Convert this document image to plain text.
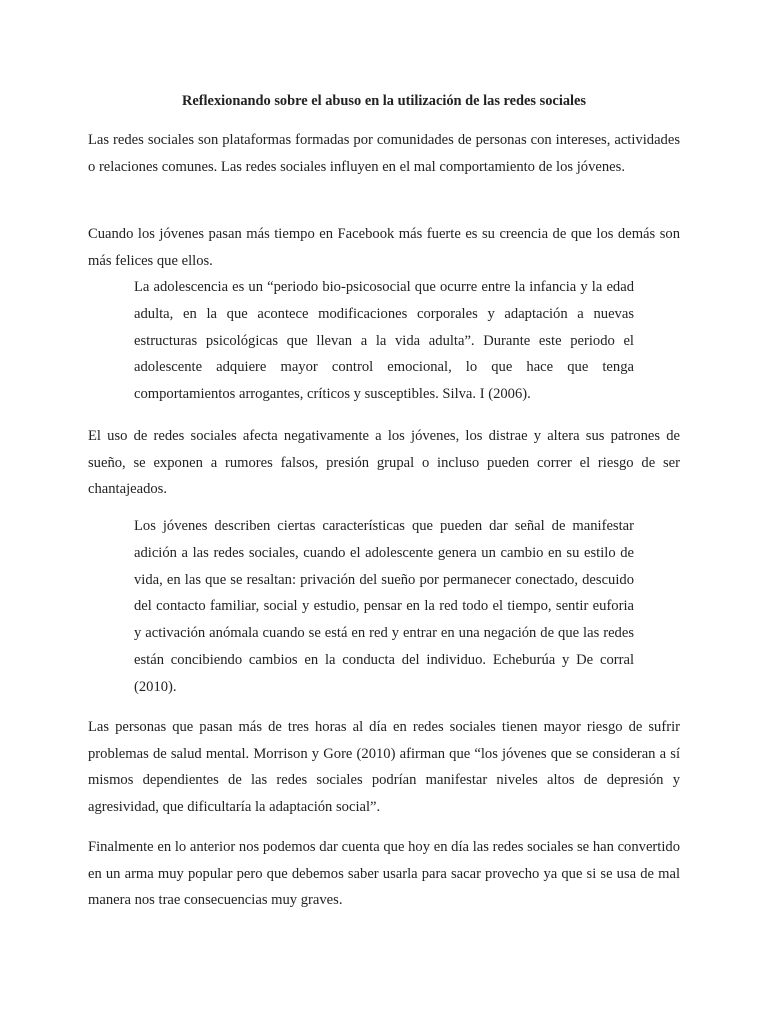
Reflexionando sobre el abuso en la utilización de las redes sociales

Las redes sociales son plataformas formadas por comunidades de personas con intereses, actividades o relaciones comunes. Las redes sociales influyen en el mal comportamiento de los jóvenes.

Cuando los jóvenes pasan más tiempo en Facebook más fuerte es su creencia de que los demás son más felices que ellos.

La adolescencia es un “periodo bio-psicosocial que ocurre entre la infancia y la edad adulta, en la que acontece modificaciones corporales y adaptación a nuevas estructuras psicológicas que llevan a la vida adulta”. Durante este periodo el adolescente adquiere mayor control emocional, lo que hace que tenga comportamientos arrogantes, críticos y susceptibles. Silva. I (2006).

El uso de redes sociales afecta negativamente a los jóvenes, los distrae y altera sus patrones de sueño, se exponen a rumores falsos, presión grupal o incluso pueden correr el riesgo de ser chantajeados.

Los jóvenes describen ciertas características que pueden dar señal de manifestar adición a las redes sociales, cuando el adolescente genera un cambio en su estilo de vida, en las que se resaltan: privación del sueño por permanecer conectado, descuido del contacto familiar, social y estudio, pensar en la red todo el tiempo, sentir euforia y activación anómala cuando se está en red y entrar en una negación de que las redes están concibiendo cambios en la conducta del individuo. Echeburúa y De corral (2010).

Las personas que pasan más de tres horas al día en redes sociales tienen mayor riesgo de sufrir problemas de salud mental. Morrison y Gore (2010) afirman que “los jóvenes que se consideran a sí mismos dependientes de las redes sociales podrían manifestar niveles altos de depresión y agresividad, que dificultaría la adaptación social”.

Finalmente en lo anterior nos podemos dar cuenta que hoy en día las redes sociales se han convertido en un arma muy popular pero que debemos saber usarla para sacar provecho ya que si se usa de mal manera nos trae consecuencias muy graves.
